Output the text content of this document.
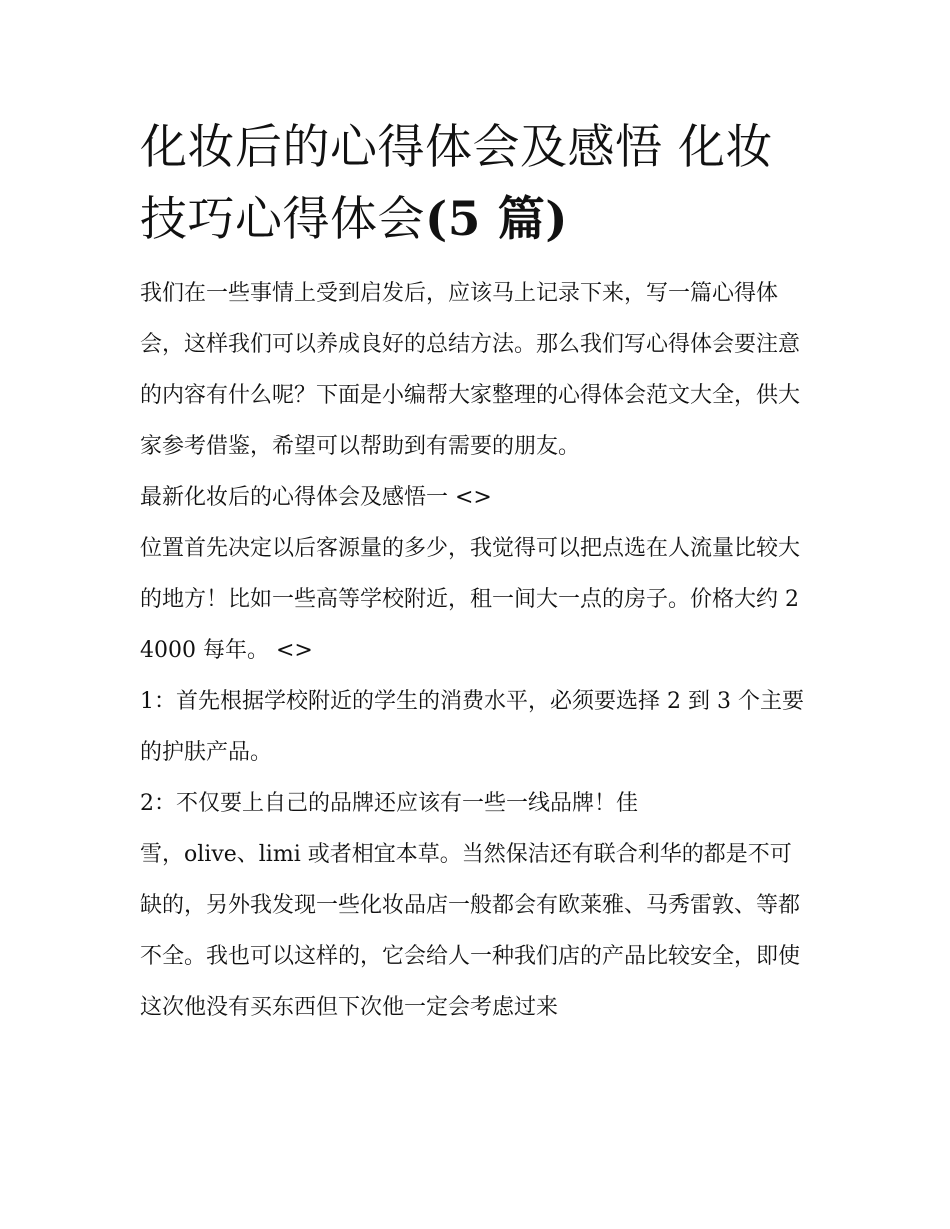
化妆后的心得体会及感悟 化妆技巧心得体会(5 篇)

我们在一些事情上受到启发后，应该马上记录下来，写一篇心得体会，这样我们可以养成良好的总结方法。那么我们写心得体会要注意的内容有什么呢？下面是小编帮大家整理的心得体会范文大全，供大家参考借鉴，希望可以帮助到有需要的朋友。

最新化妆后的心得体会及感悟一 <>

位置首先决定以后客源量的多少，我觉得可以把点选在人流量比较大的地方！比如一些高等学校附近，租一间大一点的房子。价格大约 24000 每年。 <>

1：首先根据学校附近的学生的消费水平，必须要选择 2 到 3 个主要的护肤产品。

2：不仅要上自己的品牌还应该有一些一线品牌！佳

雪，olive、limi 或者相宜本草。当然保洁还有联合利华的都是不可缺的，另外我发现一些化妆品店一般都会有欧莱雅、马秀雷敦、等都不全。我也可以这样的，它会给人一种我们店的产品比较安全，即使这次他没有买东西但下次他一定会考虑过来
